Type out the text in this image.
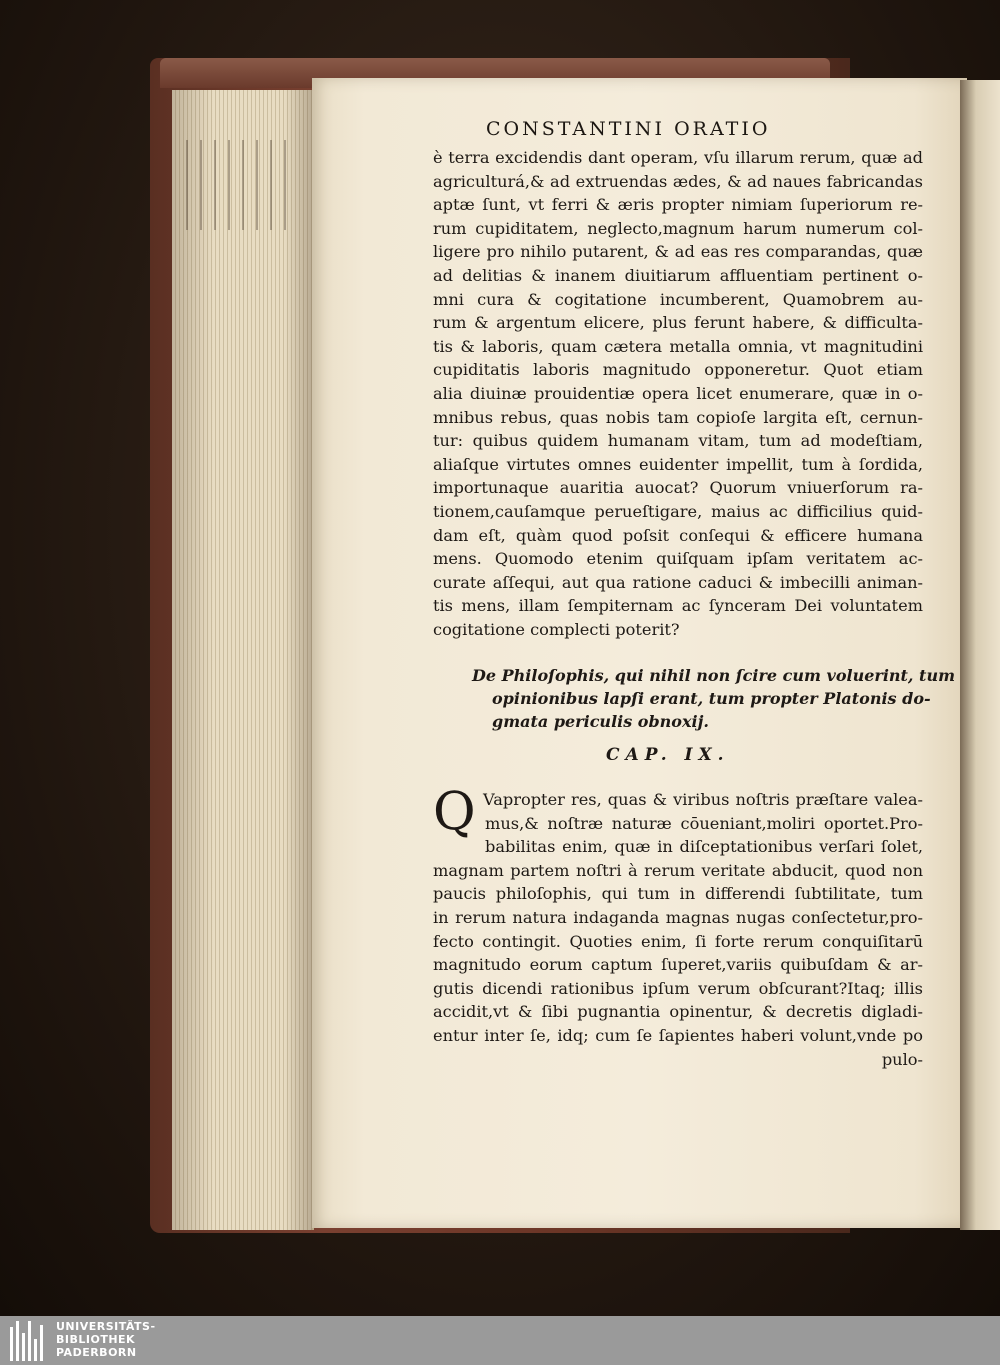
CONSTANTINI ORATIO
è terra excidendis dant operam, vſu illarum rerum, quæ ad
agriculturá,& ad extruendas ædes, & ad naues fabricandas
aptæ ſunt, vt ferri & æris propter nimiam ſuperiorum re-
rum cupiditatem, neglecto,magnum harum numerum col-
ligere pro nihilo putarent, & ad eas res comparandas, quæ
ad delitias & inanem diuitiarum affluentiam pertinent o-
mni cura & cogitatione incumberent, Quamobrem au-
rum & argentum elicere, plus ferunt habere, & difficulta-
tis & laboris, quam cætera metalla omnia, vt magnitudini
cupiditatis laboris magnitudo opponeretur. Quot etiam
alia diuinæ prouidentiæ opera licet enumerare, quæ in o-
mnibus rebus, quas nobis tam copioſe largita eſt, cernun-
tur: quibus quidem humanam vitam, tum ad modeſtiam,
aliaſque virtutes omnes euidenter impellit, tum à ſordida,
importunaque auaritia auocat? Quorum vniuerſorum ra-
tionem,cauſamque perueſtigare, maius ac difficilius quid-
dam eſt, quàm quod poſsit conſequi & efficere humana
mens. Quomodo etenim quiſquam ipſam veritatem ac-
curate aſſequi, aut qua ratione caduci & imbecilli animan-
tis mens, illam ſempiternam ac ſynceram Dei voluntatem
cogitatione complecti poterit?
De Philoſophis, qui nihil non ſcire cum voluerint, tum
opinionibus lapſi erant, tum propter Platonis do-
gmata periculis obnoxij.
CAP. IX.
Q Vapropter res, quas & viribus noſtris præſtare valea-
mus,& noſtræ naturæ cōueniant,moliri oportet.Pro-
babilitas enim, quæ in diſceptationibus verſari ſolet,
magnam partem noſtri à rerum veritate abducit, quod non
paucis philoſophis, qui tum in differendi ſubtilitate, tum
in rerum natura indaganda magnas nugas conſectetur,pro-
fecto contingit. Quoties enim, ſi forte rerum conquiſitarū
magnitudo eorum captum ſuperet,variis quibuſdam & ar-
gutis dicendi rationibus ipſum verum obſcurant?Itaq; illis
accidit,vt & ſibi pugnantia opinentur, & decretis digladi-
entur inter ſe, idq; cum ſe ſapientes haberi volunt,vnde po
pulo-
UNIVERSITÄTS-
BIBLIOTHEK
PADERBORN
